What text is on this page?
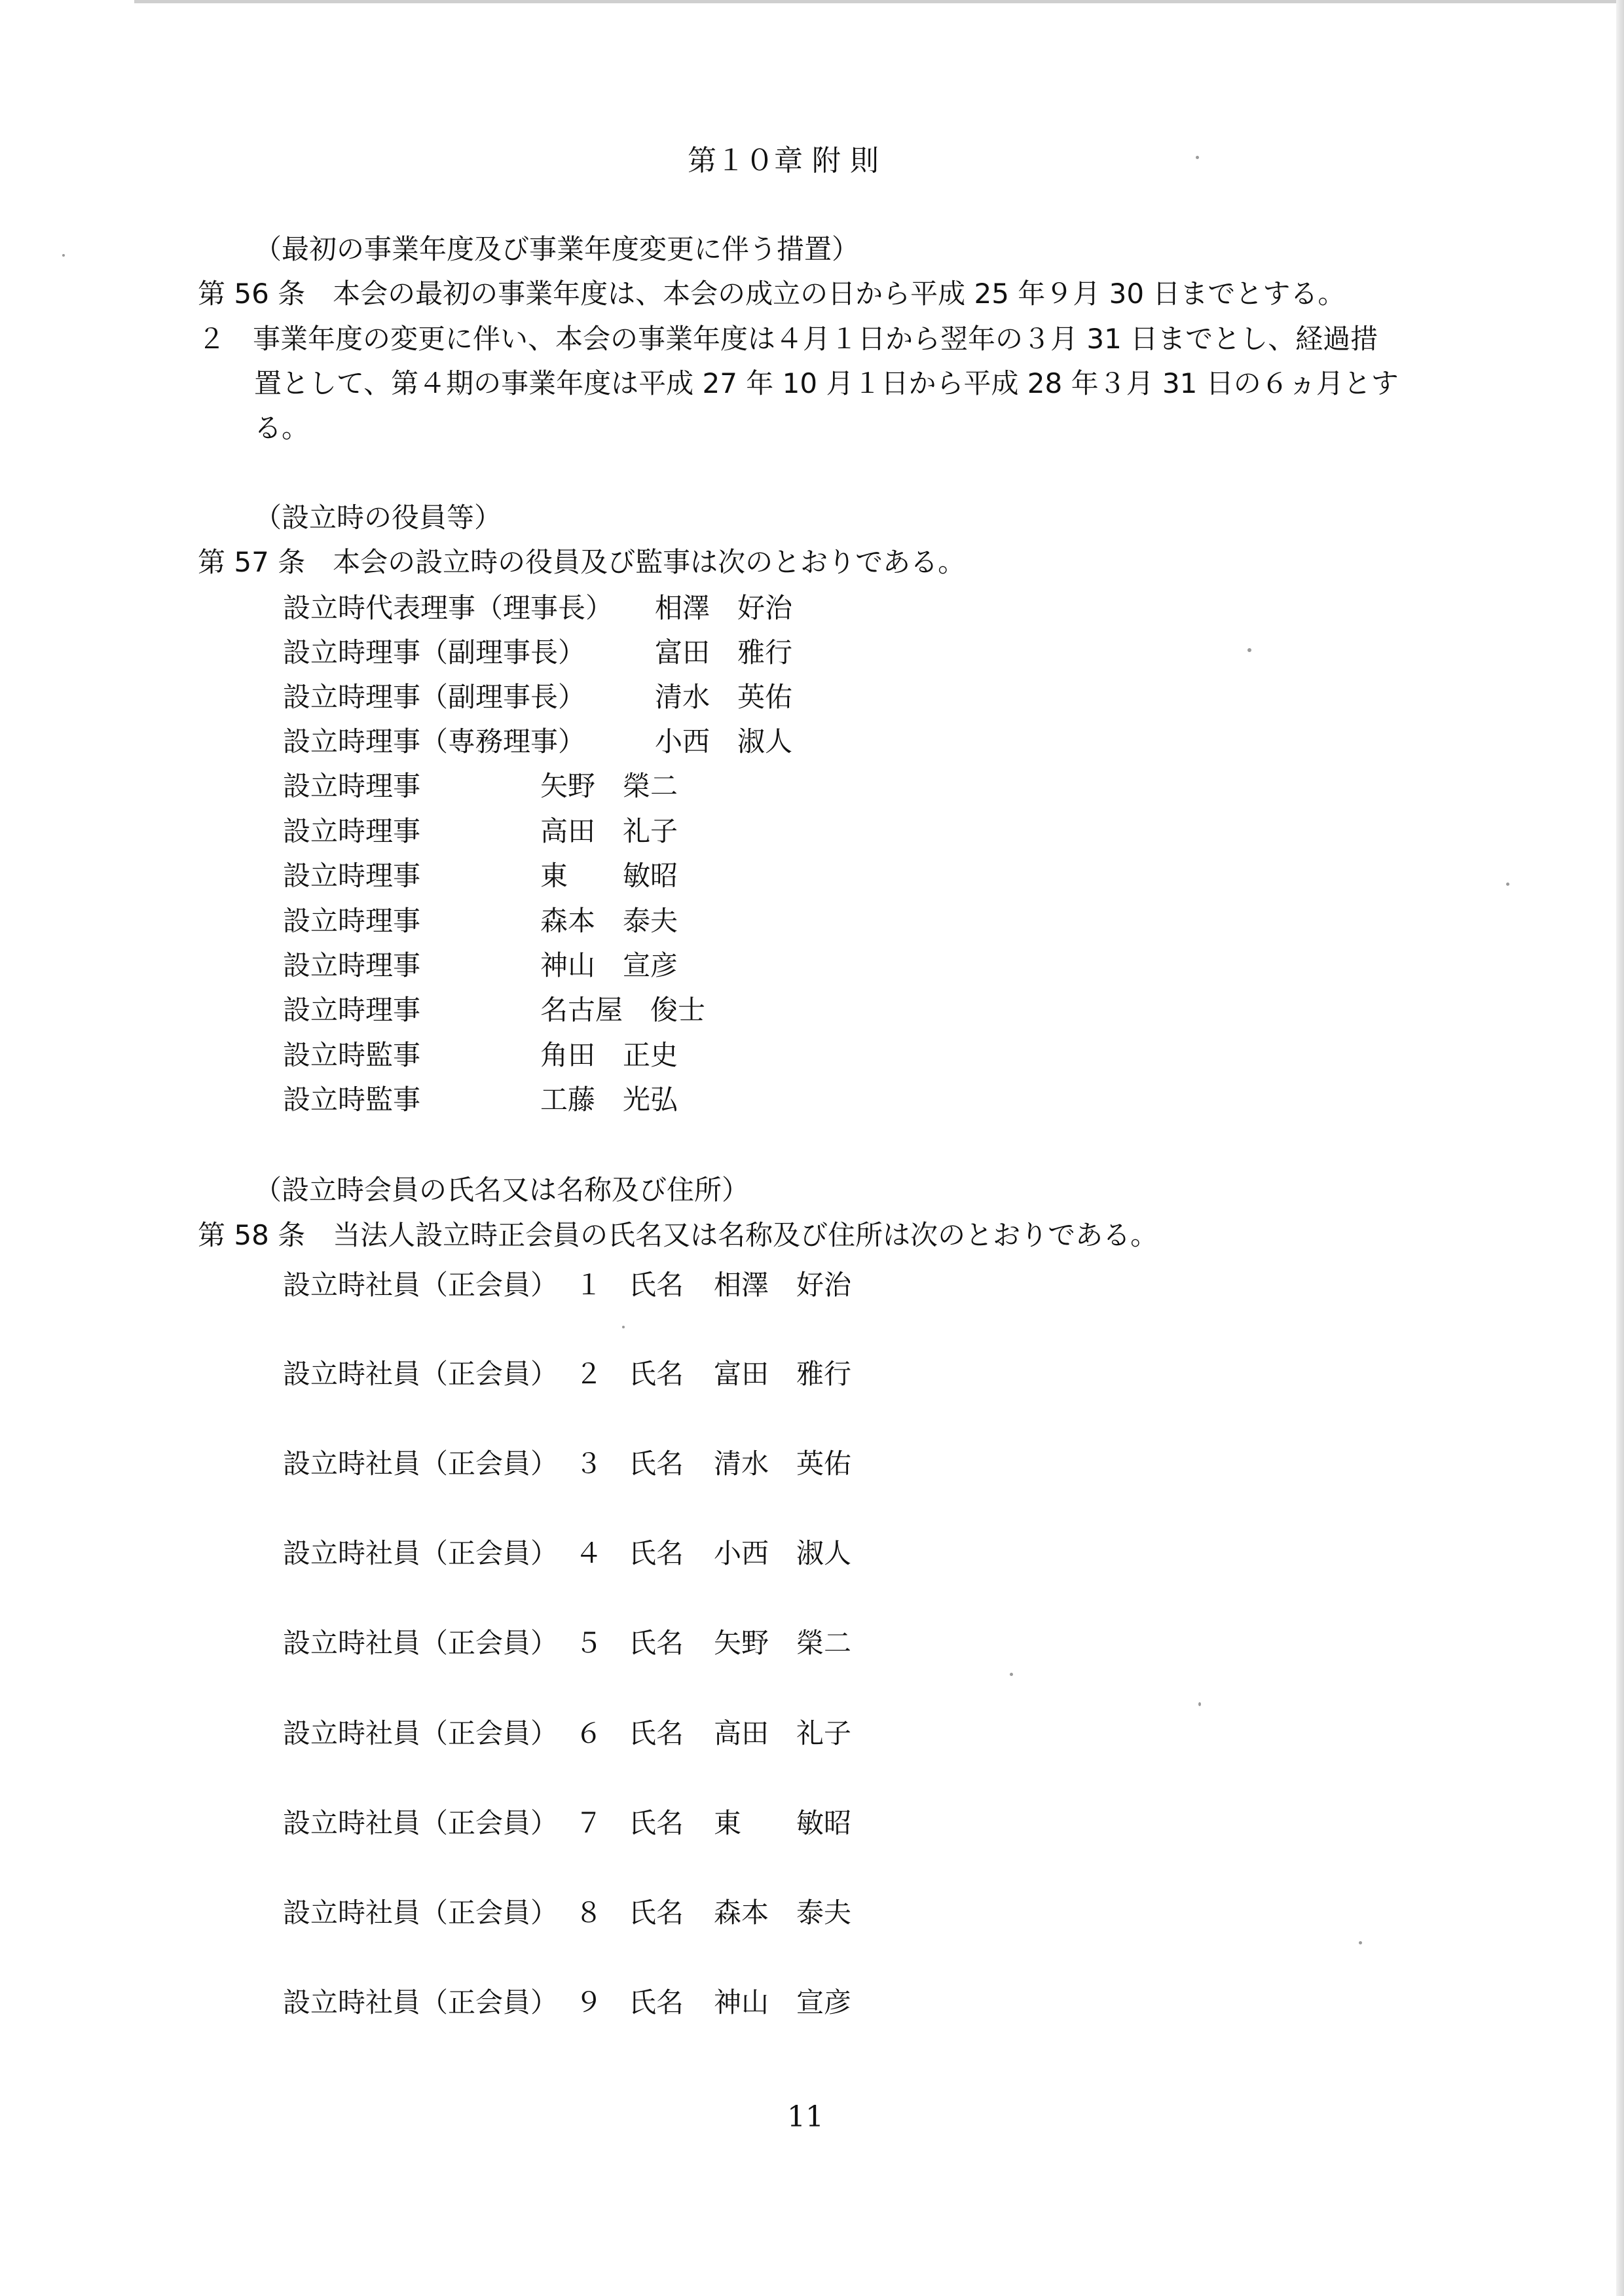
第１０章 附 則
（最初の事業年度及び事業年度変更に伴う措置）
第 56 条　本会の最初の事業年度は、本会の成立の日から平成 25 年９月 30 日までとする。
２　事業年度の変更に伴い、本会の事業年度は４月１日から翌年の３月 31 日までとし、経過措
置として、第４期の事業年度は平成 27 年 10 月１日から平成 28 年３月 31 日の６ヵ月とす
る。
（設立時の役員等）
第 57 条　本会の設立時の役員及び監事は次のとおりである。
設立時代表理事（理事長） 相澤　好治
設立時理事（副理事長）	富田　雅行
設立時理事（副理事長）	清水　英佑
設立時理事（専務理事）	小西　淑人
設立時理事	矢野　榮二
設立時理事	高田　礼子
設立時理事	東　　敏昭
設立時理事	森本　泰夫
設立時理事	神山　宣彦
設立時理事	名古屋　俊士
設立時監事	角田　正史
設立時監事	工藤　光弘
（設立時会員の氏名又は名称及び住所）
第 58 条　当法人設立時正会員の氏名又は名称及び住所は次のとおりである。
設立時社員（正会員） １ 氏名 相澤　好治
設立時社員（正会員） ２ 氏名 富田　雅行
設立時社員（正会員） ３ 氏名 清水　英佑
設立時社員（正会員） ４ 氏名 小西　淑人
設立時社員（正会員） ５ 氏名 矢野　榮二
設立時社員（正会員） ６ 氏名 高田　礼子
設立時社員（正会員） ７ 氏名 東　　敏昭
設立時社員（正会員） ８ 氏名 森本　泰夫
設立時社員（正会員） ９ 氏名 神山　宣彦
11
